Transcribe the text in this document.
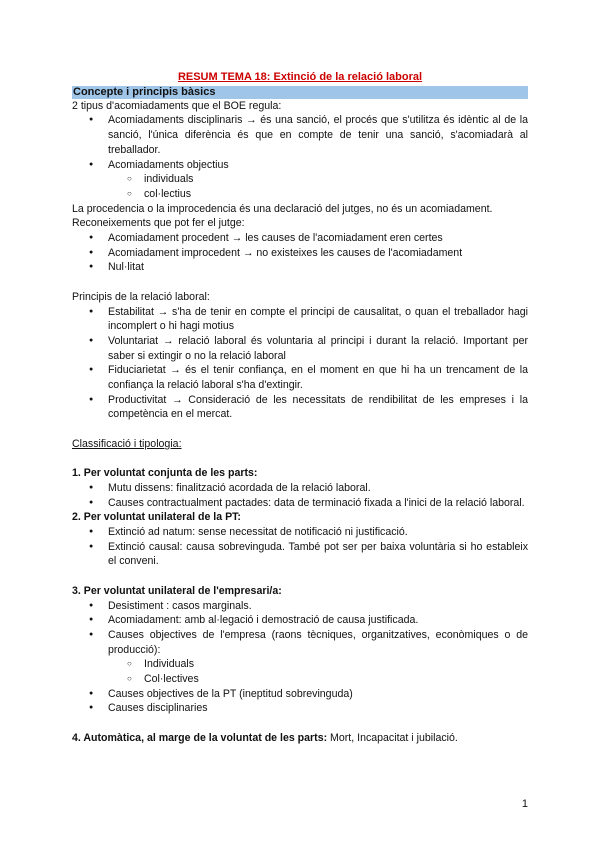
RESUM TEMA 18: Extinció de la relació laboral
Concepte i principis bàsics

2 tipus d'acomiadaments que el BOE regula:

● Acomiadaments disciplinaris → és una sanció, el procés que s'utilitza és idèntic al de la sanció, l'única diferència és que en compte de tenir una sanció, s'acomiadarà al treballador.
● Acomiadaments objectius
○ individuals
○ col·lectius

La procedencia o la improcedencia és una declaració del jutges, no és un acomiadament.

Reconeixements que pot fer el jutge:

● Acomiadament procedent → les causes de l'acomiadament eren certes
● Acomiadament improcedent → no existeixes les causes de l'acomiadament
● Nul·litat

Principis de la relació laboral:

● Estabilitat → s'ha de tenir en compte el principi de causalitat, o quan el treballador hagi incomplert o hi hagi motius
● Voluntariat → relació laboral és voluntaria al principi i durant la relació. Important per saber si extingir o no la relació laboral
● Fiduciarietat → és el tenir confiança, en el moment en que hi ha un trencament de la confiança la relació laboral s'ha d'extingir.
● Productivitat → Consideració de les necessitats de rendibilitat de les empreses i la competència en el mercat.

Classificació i tipologia:

1. Per voluntat conjunta de les parts:

● Mutu dissens: finalització acordada de la relació laboral.
● Causes contractualment pactades: data de terminació fixada a l'inici de la relació laboral.

2. Per voluntat unilateral de la PT:

● Extinció ad natum: sense necessitat de notificació ni justificació.
● Extinció causal: causa sobrevinguda. També pot ser per baixa voluntària si ho estableix el conveni.

3. Per voluntat unilateral de l'empresari/a:

● Desistiment : casos marginals.
● Acomiadament: amb al·legació i demostració de causa justificada.
● Causes objectives de l'empresa (raons tècniques, organitzatives, econòmiques o de producció):
○ Individuals
○ Col·lectives
● Causes objectives de la PT (ineptitud sobrevinguda)
● Causes disciplinaries

4. Automàtica, al marge de la voluntat de les parts: Mort, Incapacitat i jubilació.

1
